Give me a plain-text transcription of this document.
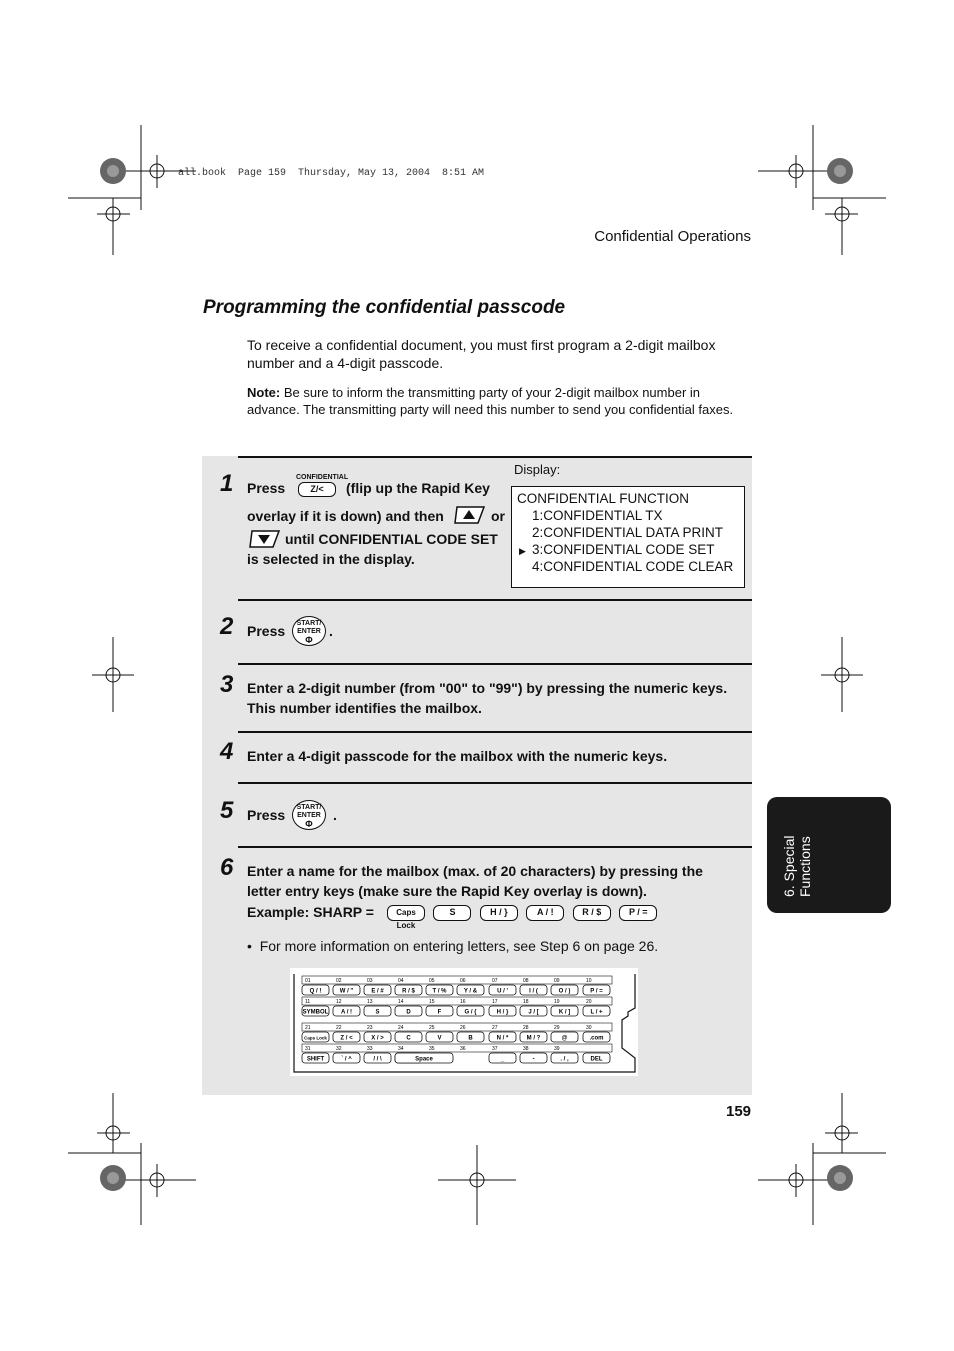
all.book  Page 159  Thursday, May 13, 2004  8:51 AM
Confidential Operations
Programming the confidential passcode
To receive a confidential document, you must first program a 2-digit mailbox number and a 4-digit passcode.
Note: Be sure to inform the transmitting party of your 2-digit mailbox number in advance. The transmitting party will need this number to send you confidential faxes.
1 Press
CONFIDENTIAL
Z/<	(flip up the Rapid Key
overlay if it is down) and then	or
until CONFIDENTIAL CODE SET
is selected in the display.
Display:
CONFIDENTIAL FUNCTION
1:CONFIDENTIAL TX
2:CONFIDENTIAL DATA PRINT
▶ 3:CONFIDENTIAL CODE SET
4:CONFIDENTIAL CODE CLEAR
2 Press	START/
ENTER
Φ
.
3 Enter a 2-digit number (from "00" to "99") by pressing the numeric keys. This number identifies the mailbox.
4 Enter a 4-digit passcode for the mailbox with the numeric keys.
5 Press	START/
ENTER
Φ
.
6 Enter a name for the mailbox (max. of 20 characters) by pressing the letter entry keys (make sure the Rapid Key overlay is down).
Example: SHARP =	Caps Lock S	H / }	A / !	R / $	P / =
•  For more information on entering letters, see Step 6 on page 26.
01	02	03	04	05	06	07	08	09	10
Q / !	W / "	E / #	R / $	T / %	Y / &	U / '	I / (	O / )	P / =
11	12	13	14	15	16	17	18	19	20
SYMBOL A / !	S	D	F	G / {	H / }	J / [	K / ]	L / +
21	22	23	24	25	26	27	28	29	30
Caps Lock Z / <	X / >	C	V	B	N / *	M / ?	@	.com
31	32	33	34	35	36	37	38	39
SHIFT	` / ^	/ / \	Space	_	-	. / ,	DEL
6. Special Functions
159
